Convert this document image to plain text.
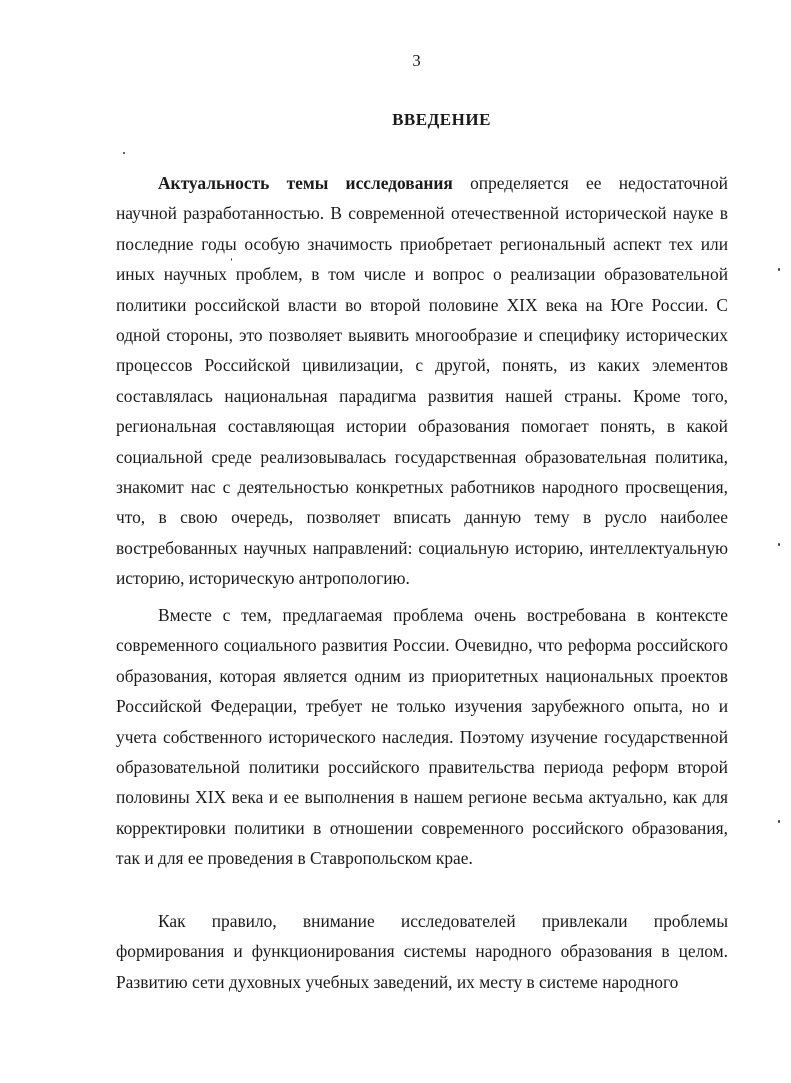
3
ВВЕДЕНИЕ

Актуальность темы исследования определяется ее недостаточной научной разработанностью. В современной отечественной исторической науке в последние годы особую значимость приобретает региональный аспект тех или иных научных проблем, в том числе и вопрос о реализации образовательной политики российской власти во второй половине XIX века на Юге России. С одной стороны, это позволяет выявить многообразие и специфику исторических процессов Российской цивилизации, с другой, понять, из каких элементов составлялась национальная парадигма развития нашей страны. Кроме того, региональная составляющая истории образования помогает понять, в какой социальной среде реализовывалась государственная образовательная политика, знакомит нас с деятельностью конкретных работников народного просвещения, что, в свою очередь, позволяет вписать данную тему в русло наиболее востребованных научных направлений: социальную историю, интеллектуальную историю, историческую антропологию.

Вместе с тем, предлагаемая проблема очень востребована в контексте современного социального развития России. Очевидно, что реформа российского образования, которая является одним из приоритетных национальных проектов Российской Федерации, требует не только изучения зарубежного опыта, но и учета собственного исторического наследия. Поэтому изучение государственной образовательной политики российского правительства периода реформ второй половины XIX века и ее выполнения в нашем регионе весьма актуально, как для корректировки политики в отношении современного российского образования, так и для ее проведения в Ставропольском крае.

Как правило, внимание исследователей привлекали проблемы формирования и функционирования системы народного образования в целом. Развитию сети духовных учебных заведений, их месту в системе народного
